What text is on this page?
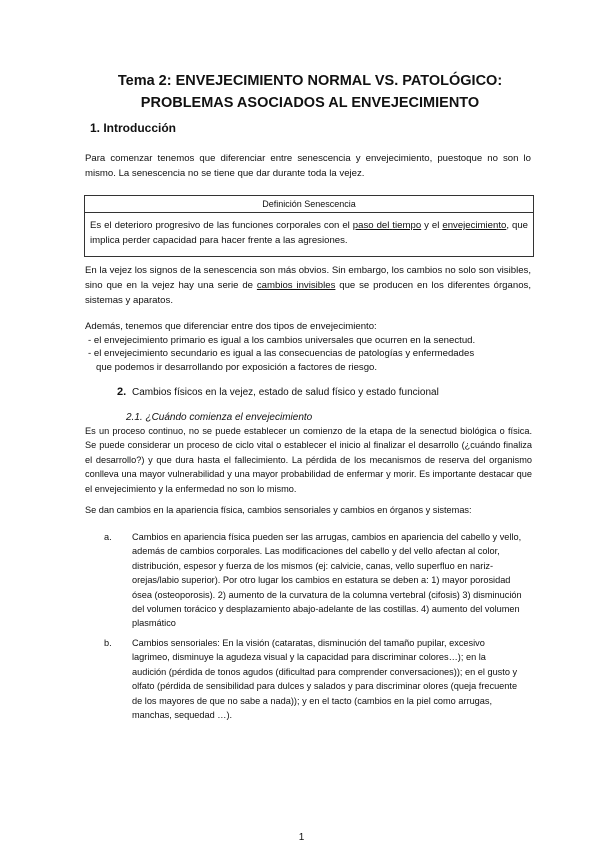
Tema 2: ENVEJECIMIENTO NORMAL VS. PATOLÓGICO:
PROBLEMAS ASOCIADOS AL ENVEJECIMIENTO
1. Introducción
Para comenzar tenemos que diferenciar entre senescencia y envejecimiento, puestoque no son lo mismo. La senescencia no se tiene que dar durante toda la vejez.
Definición Senescencia
Es el deterioro progresivo de las funciones corporales con el paso del tiempo y el envejecimiento, que implica perder capacidad para hacer frente a las agresiones.
En la vejez los signos de la senescencia son más obvios. Sin embargo, los cambios no solo son visibles, sino que en la vejez hay una serie de cambios invisibles que se producen en los diferentes órganos, sistemas y aparatos.
Además, tenemos que diferenciar entre dos tipos de envejecimiento:
- el envejecimiento primario es igual a los cambios universales que ocurren en la senectud.
- el envejecimiento secundario es igual a las consecuencias de patologías y enfermedades
que podemos ir desarrollando por exposición a factores de riesgo.
2. Cambios físicos en la vejez, estado de salud físico y estado funcional
2.1. ¿Cuándo comienza el envejecimiento
Es un proceso continuo, no se puede establecer un comienzo de la etapa de la senectud biológica o física. Se puede considerar un proceso de ciclo vital o establecer el inicio al finalizar el desarrollo (¿cuándo finaliza el desarrollo?) y que dura hasta el fallecimiento. La pérdida de los mecanismos de reserva del organismo conlleva una mayor vulnerabilidad y una mayor probabilidad de enfermar y morir. Es importante destacar que el envejecimiento y la enfermedad no son lo mismo.
Se dan cambios en la apariencia física, cambios sensoriales y cambios en órganos y sistemas:
a. Cambios en apariencia física pueden ser las arrugas, cambios en apariencia del cabello y vello, además de cambios corporales. Las modificaciones del cabello y del vello afectan al color, distribución, espesor y fuerza de los mismos (ej: calvicie, canas, vello superfluo en nariz-orejas/labio superior). Por otro lugar los cambios en estatura se deben a: 1) mayor porosidad ósea (osteoporosis). 2) aumento de la curvatura de la columna vertebral (cifosis) 3) disminución del volumen torácico y desplazamiento abajo-adelante de las costillas. 4) aumento del volumen plasmático
b. Cambios sensoriales: En la visión (cataratas, disminución del tamaño pupilar, excesivo lagrimeo, disminuye la agudeza visual y la capacidad para discriminar colores…); en la audición (pérdida de tonos agudos (dificultad para comprender conversaciones)); en el gusto y olfato (pérdida de sensibilidad para dulces y salados y para discriminar olores (queja frecuente de los mayores de que no sabe a nada)); y en el tacto (cambios en la piel como arrugas, manchas, sequedad …).
1
